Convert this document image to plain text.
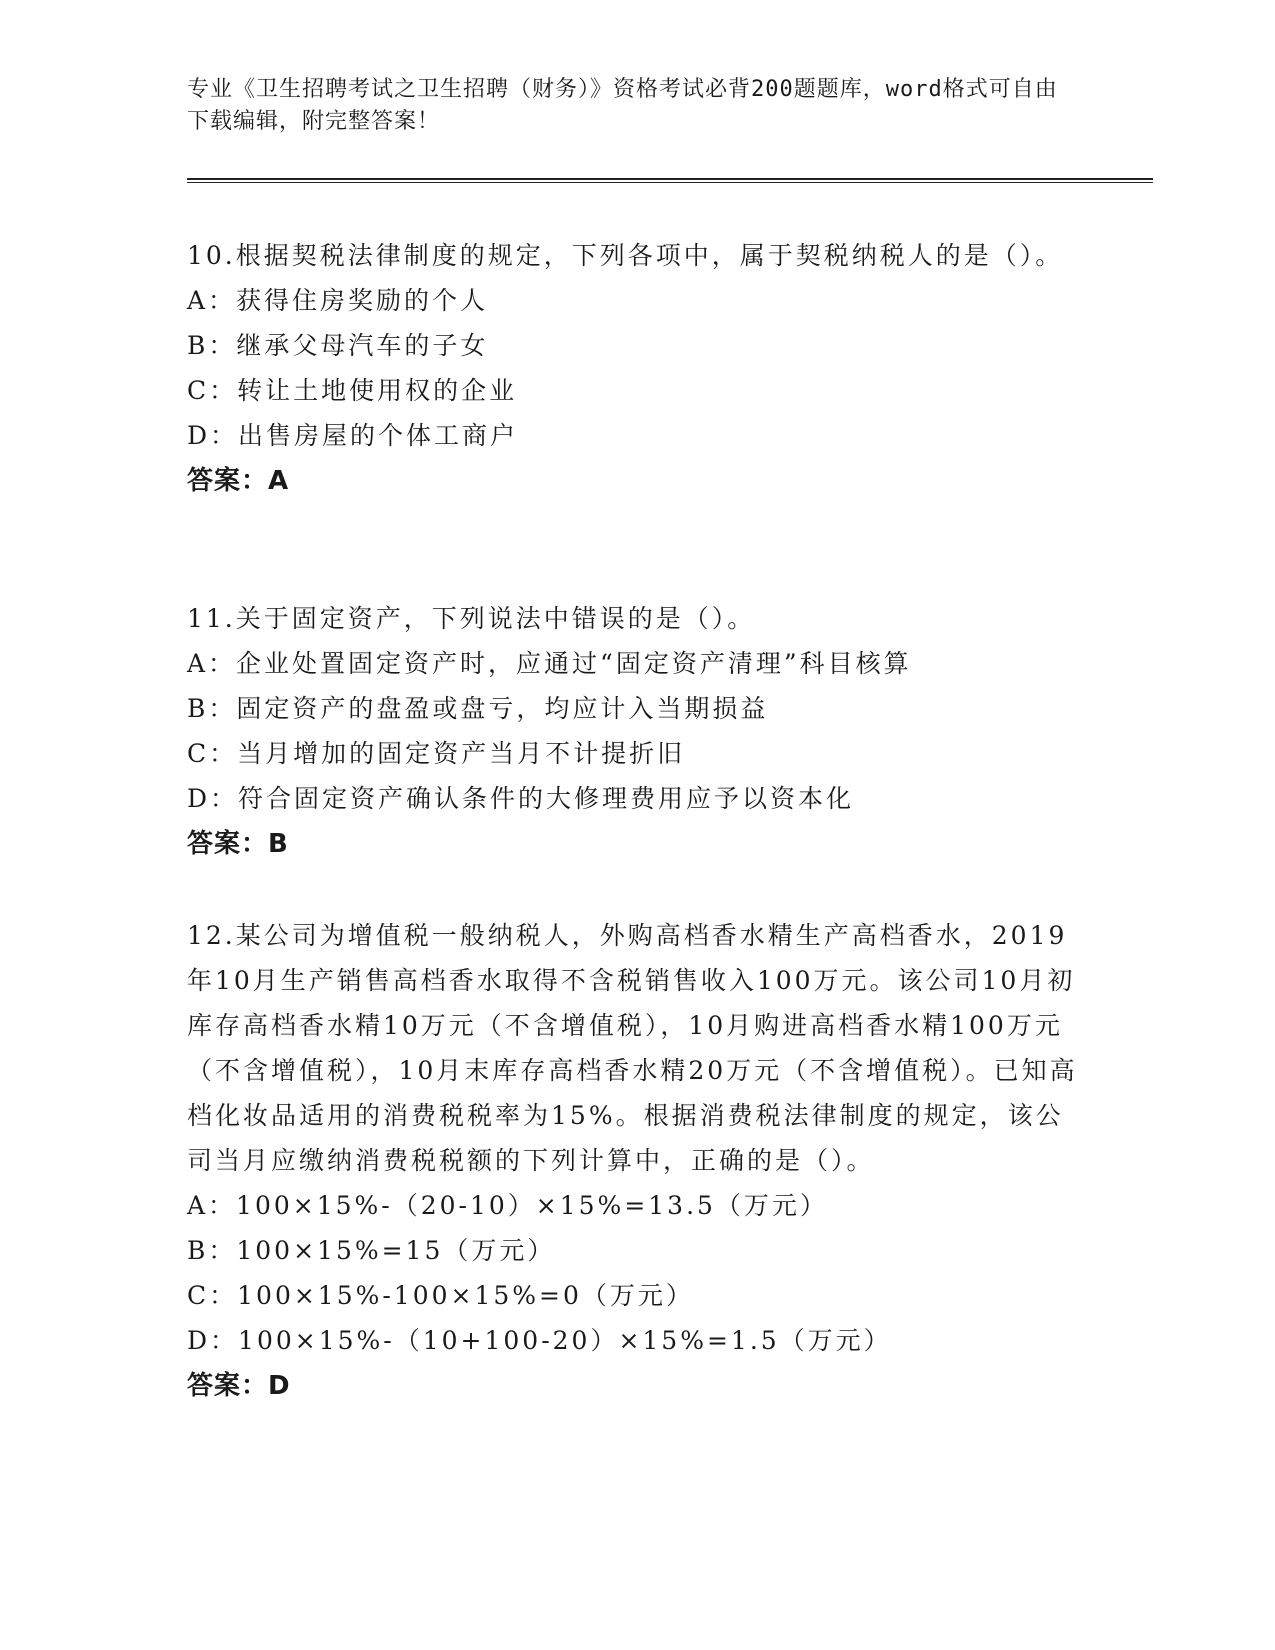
专业《卫生招聘考试之卫生招聘（财务）》资格考试必背200题题库，word格式可自由下载编辑，附完整答案！

10.根据契税法律制度的规定，下列各项中，属于契税纳税人的是（）。

A：获得住房奖励的个人

B：继承父母汽车的子女

C：转让土地使用权的企业

D：出售房屋的个体工商户

答案：A

11.关于固定资产，下列说法中错误的是（）。

A：企业处置固定资产时，应通过“固定资产清理”科目核算

B：固定资产的盘盈或盘亏，均应计入当期损益

C：当月增加的固定资产当月不计提折旧

D：符合固定资产确认条件的大修理费用应予以资本化

答案：B

12.某公司为增值税一般纳税人，外购高档香水精生产高档香水，2019年10月生产销售高档香水取得不含税销售收入100万元。该公司10月初库存高档香水精10万元（不含增值税），10月购进高档香水精100万元（不含增值税），10月末库存高档香水精20万元（不含增值税）。已知高档化妆品适用的消费税税率为15%。根据消费税法律制度的规定，该公司当月应缴纳消费税税额的下列计算中，正确的是（）。

A：100×15%-（20-10）×15%=13.5（万元）

B：100×15%=15（万元）

C：100×15%-100×15%=0（万元）

D：100×15%-（10+100-20）×15%=1.5（万元）

答案：D
